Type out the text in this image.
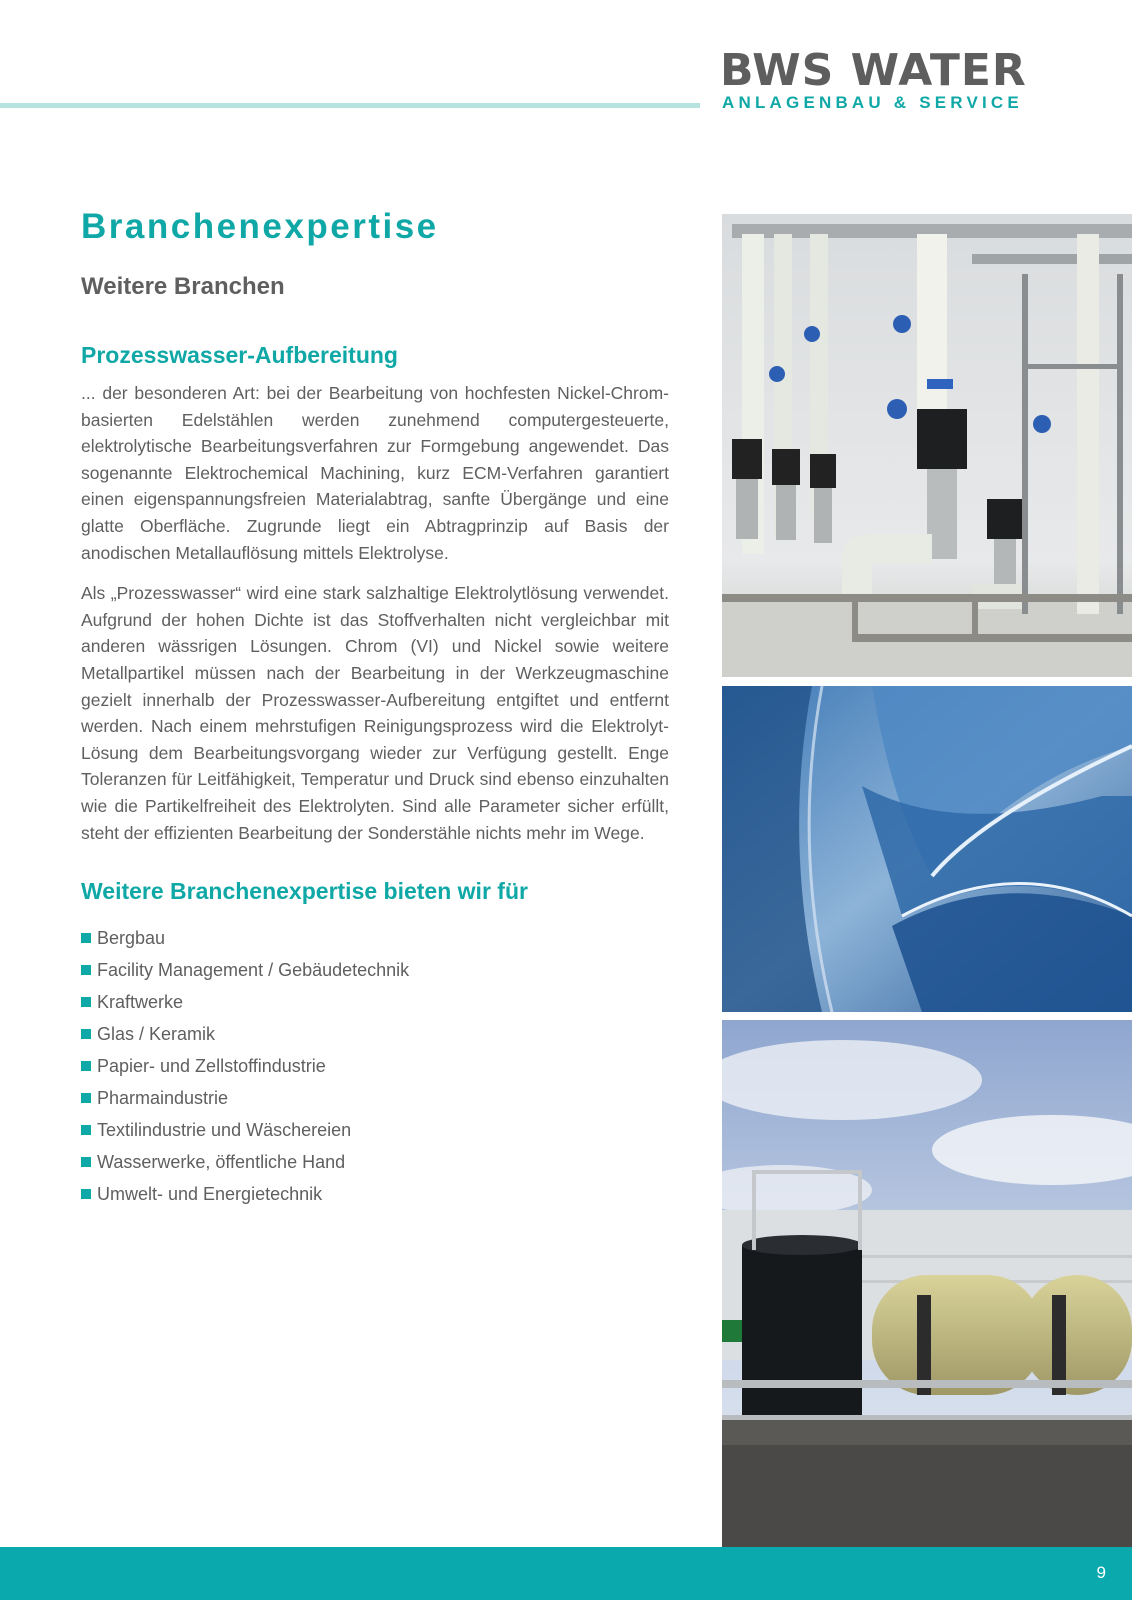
BWS WATER
ANLAGENBAU & SERVICE
Branchenexpertise
Weitere Branchen
Prozesswasser-Aufbereitung

... der besonderen Art: bei der Bearbeitung von hochfesten Nickel-Chrom-basierten Edelstählen werden zunehmend computergesteuerte, elektrolytische Bearbeitungsverfahren zur Formgebung angewendet. Das sogenannte Elektrochemical Machining, kurz ECM-Verfahren garantiert einen eigenspannungsfreien Materialabtrag, sanfte Übergänge und eine glatte Oberfläche. Zugrunde liegt ein Abtragprinzip auf Basis der anodischen Metallauflösung mittels Elektrolyse.

Als „Prozesswasser“ wird eine stark salzhaltige Elektrolytlösung verwendet. Aufgrund der hohen Dichte ist das Stoffverhalten nicht vergleichbar mit anderen wässrigen Lösungen. Chrom (VI) und Nickel sowie weitere Metallpartikel müssen nach der Bearbeitung in der Werkzeugmaschine gezielt innerhalb der Prozesswasser-Aufbereitung entgiftet und entfernt werden. Nach einem mehrstufigen Reinigungsprozess wird die Elektrolyt-Lösung dem Bearbeitungsvorgang wieder zur Verfügung gestellt. Enge Toleranzen für Leitfähigkeit, Temperatur und Druck sind ebenso einzuhalten wie die Partikelfreiheit des Elektrolyten. Sind alle Parameter sicher erfüllt, steht der effizienten Bearbeitung der Sonderstähle nichts mehr im Wege.

Weitere Branchenexpertise bieten wir für
Bergbau
Facility Management / Gebäudetechnik
Kraftwerke
Glas / Keramik
Papier- und Zellstoffindustrie
Pharmaindustrie
Textilindustrie und Wäschereien
Wasserwerke, öffentliche Hand
Umwelt- und Energietechnik
9
